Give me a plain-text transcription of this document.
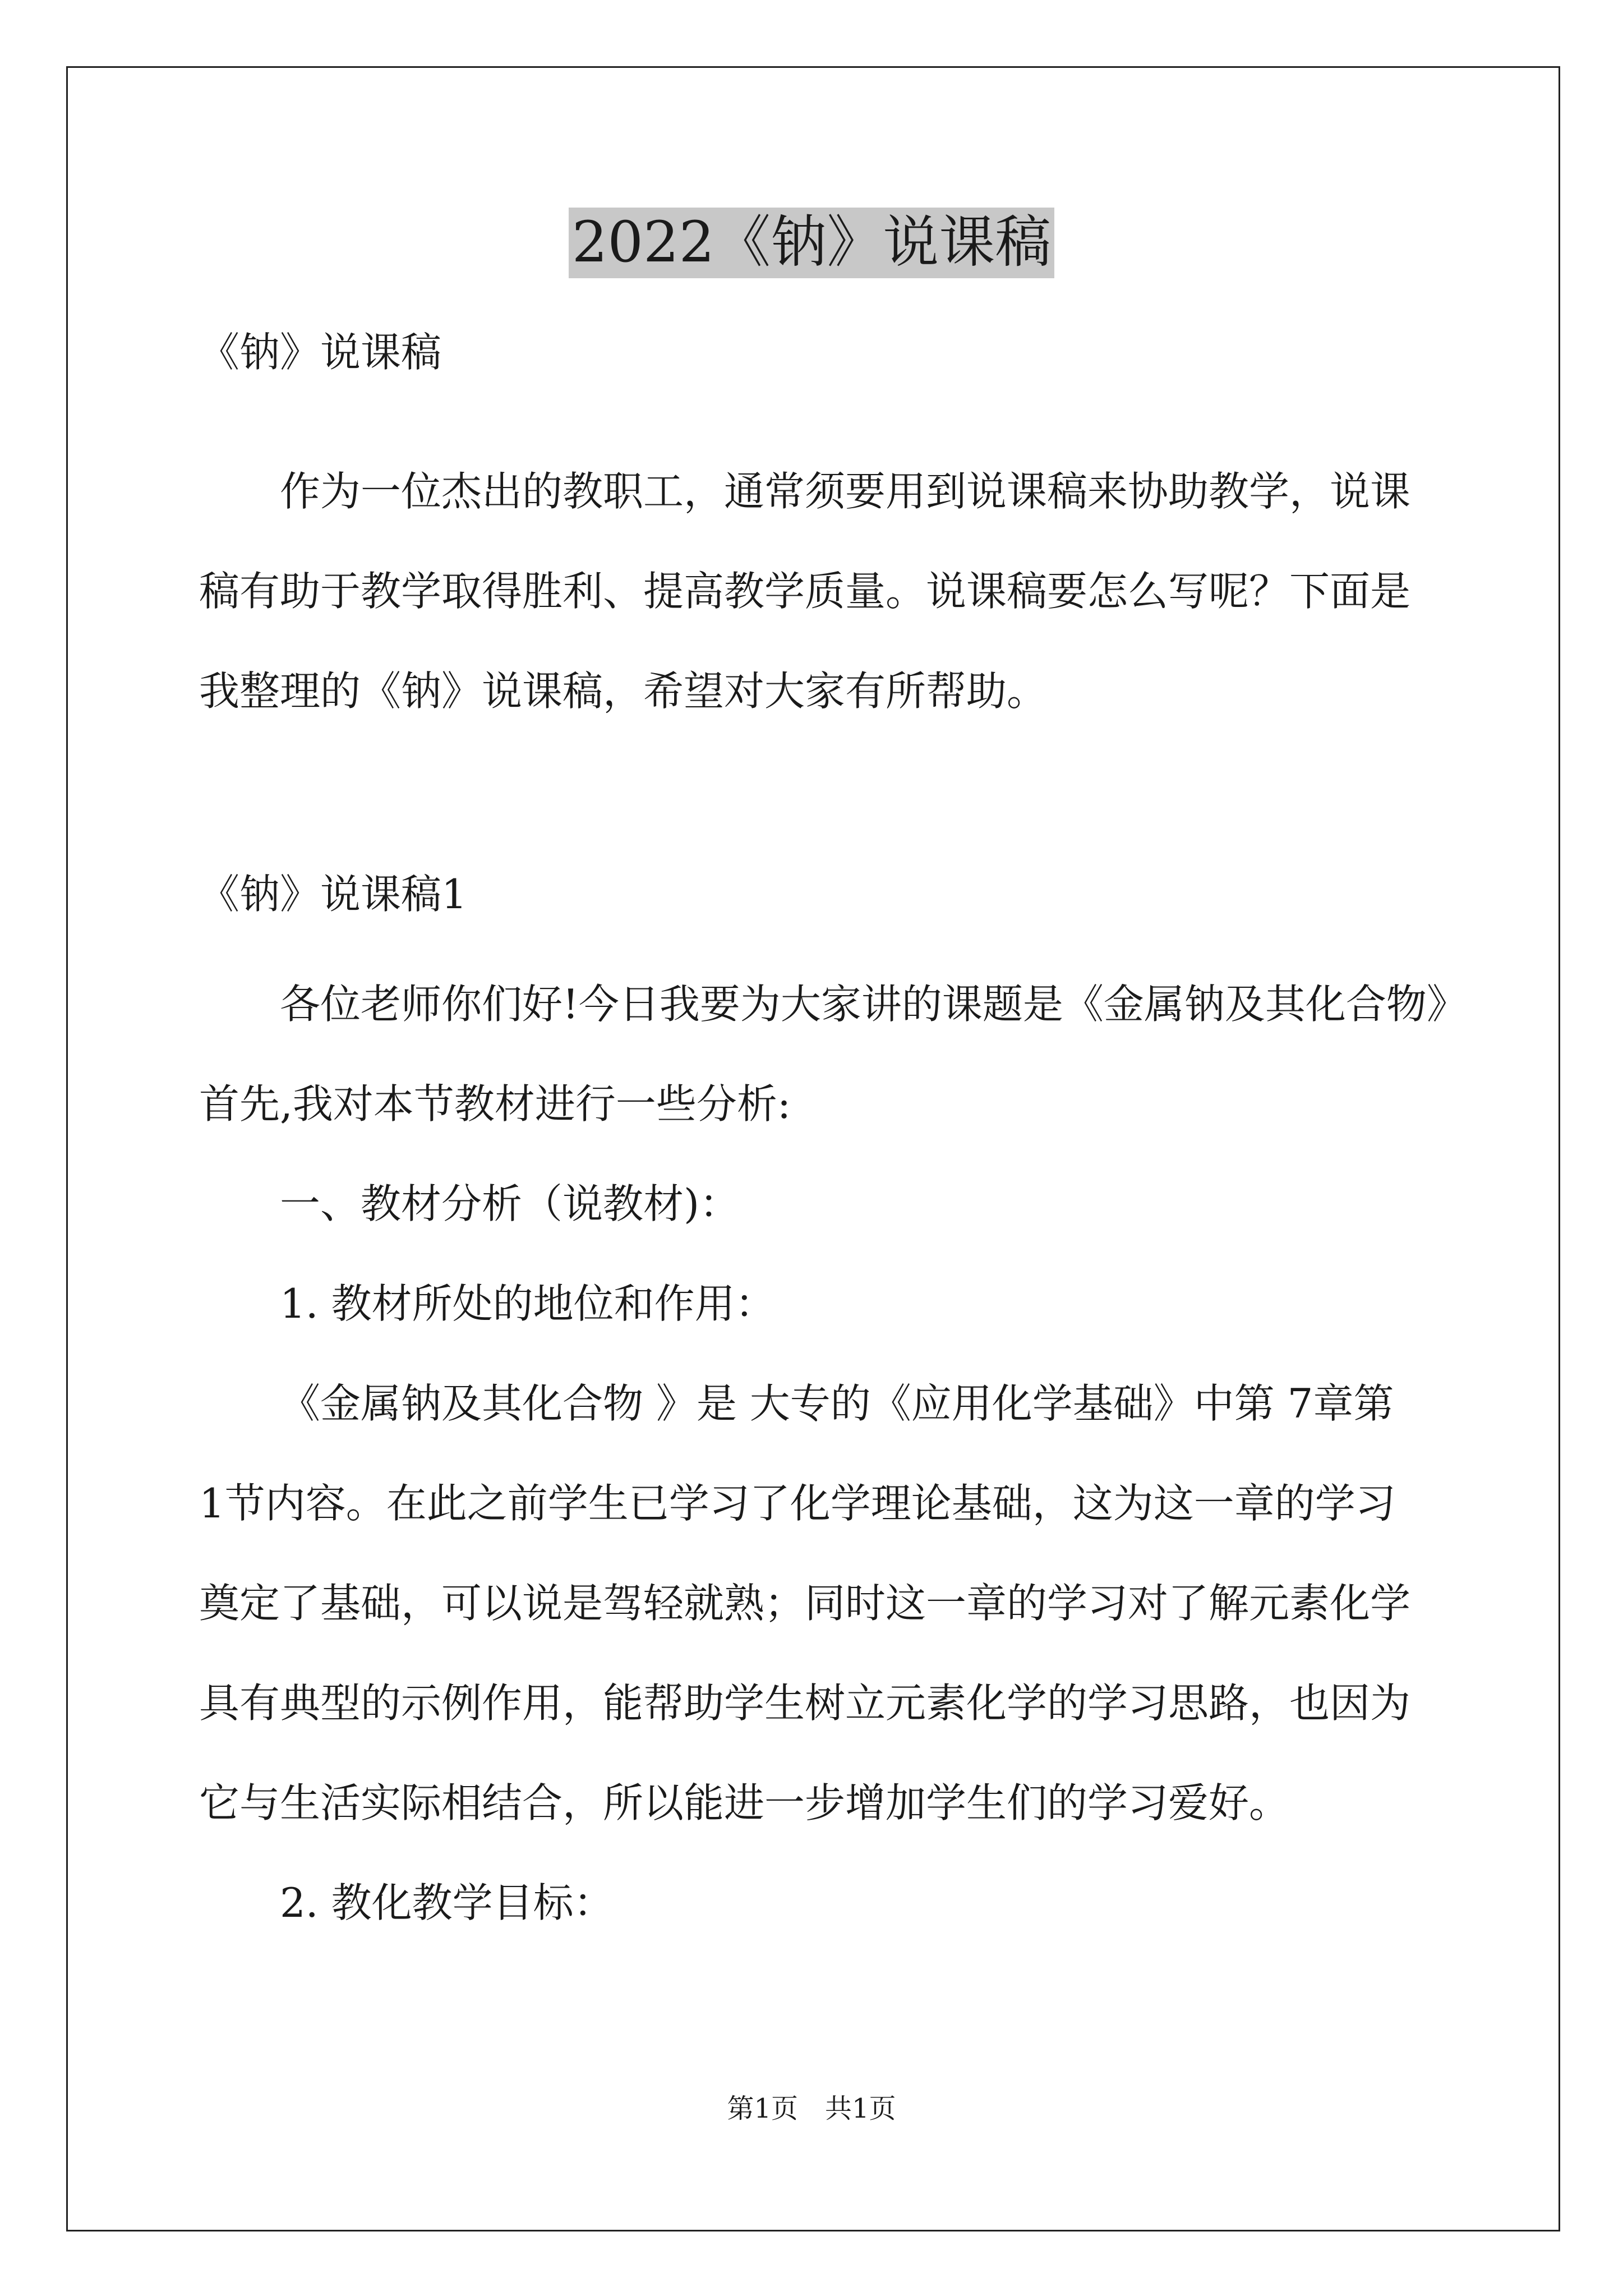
2022《钠》说课稿

《钠》说课稿

作为一位杰出的教职工，通常须要用到说课稿来协助教学，说课

稿有助于教学取得胜利、提高教学质量。说课稿要怎么写呢？下面是

我整理的《钠》说课稿，希望对大家有所帮助。

《钠》说课稿1

各位老师你们好!今日我要为大家讲的课题是《金属钠及其化合物》

首先,我对本节教材进行一些分析:

一、教材分析（说教材)：

1. 教材所处的地位和作用：

《金属钠及其化合物 》是 大专的《应用化学基础》中第 7章第

1节内容。在此之前学生已学习了化学理论基础，这为这一章的学习

奠定了基础，可以说是驾轻就熟；同时这一章的学习对了解元素化学

具有典型的示例作用，能帮助学生树立元素化学的学习思路，也因为

它与生活实际相结合，所以能进一步增加学生们的学习爱好。

2. 教化教学目标：

第1页　共1页
